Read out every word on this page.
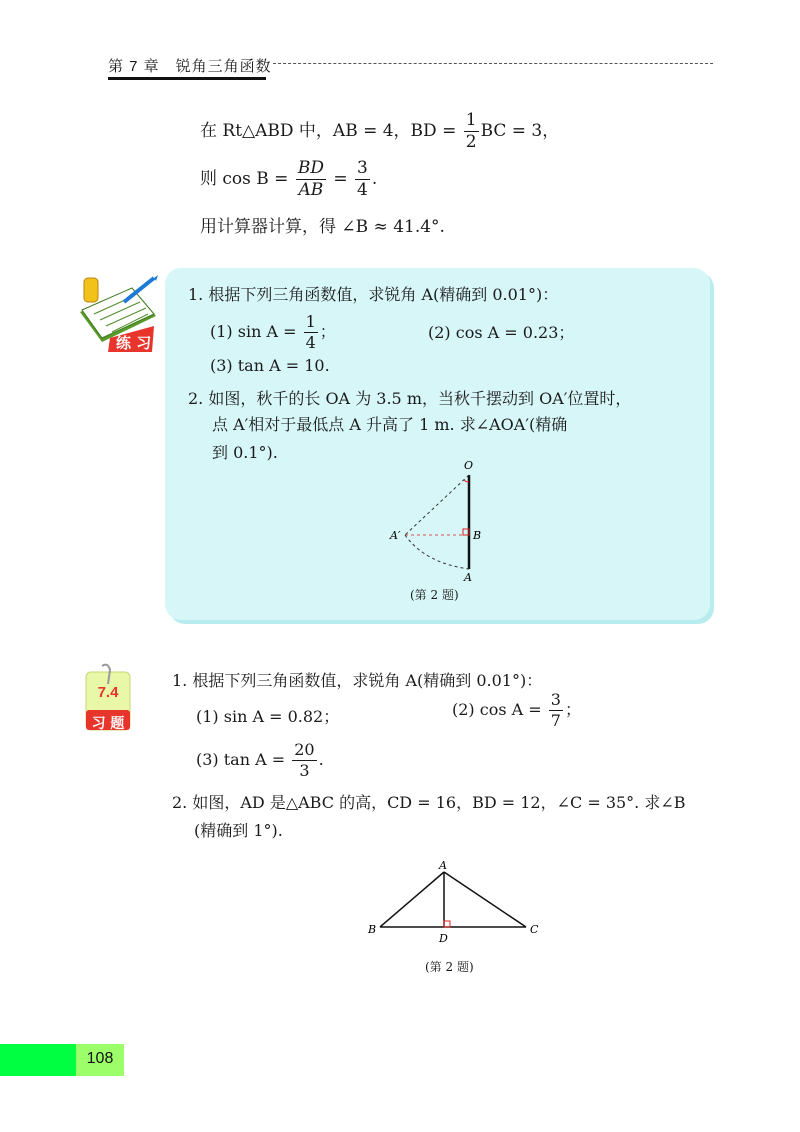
第 7 章　锐角三角函数
在 Rt△ABD 中，AB = 4，BD = $\frac{1}{2}$ BC = 3，
则 $\cos B = \frac{BD}{AB} = \frac{3}{4}$ .
用计算器计算，得 ∠B ≈ 41.4°.
练 习
1. 根据下列三角函数值，求锐角 A(精确到 0.01°)：
(1) $\sin A = \frac{1}{4}$ ；	(2) cos A = 0.23；
(3) tan A = 10.
2. 如图，秋千的长 OA 为 3.5 m，当秋千摆动到 OA′位置时，
点 A′相对于最低点 A 升高了 1 m. 求∠AOA′(精确
到 0.1°).
O
A′	B
A
(第 2 题)
7.4
习 题
1. 根据下列三角函数值，求锐角 A(精确到 0.01°)：
(1) sin A = 0.82；	(2) $\cos A = \frac{3}{7}$ ；
(3) $\tan A = \frac{20}{3}$ .
2. 如图，AD 是△ABC 的高，CD = 16，BD = 12，∠C = 35°. 求∠B
(精确到 1°).
A
B
D
C
(第 2 题)
108
